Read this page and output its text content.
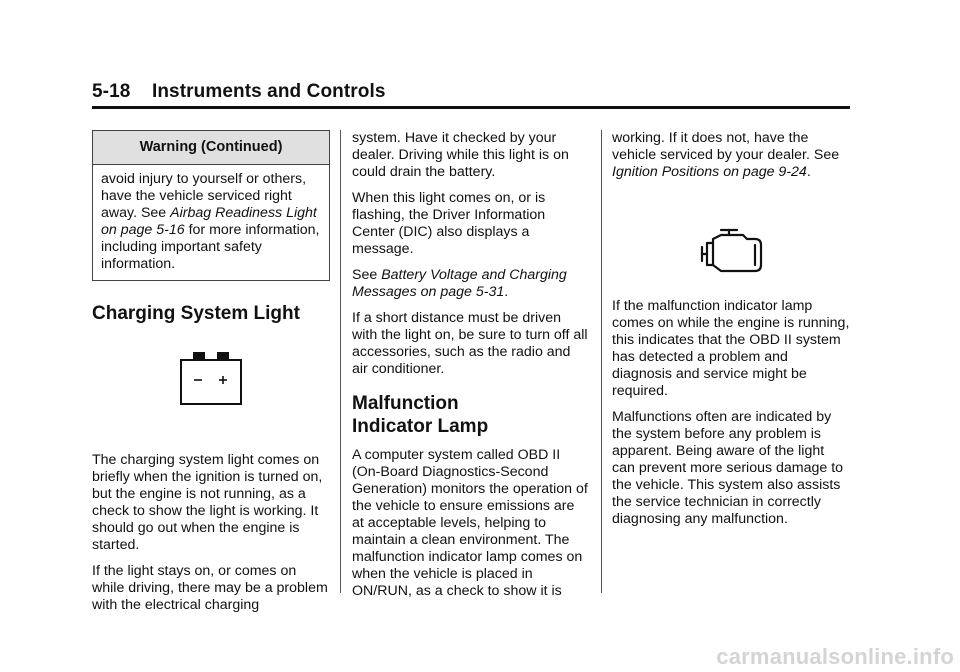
5-18 Instruments and Controls
Warning (Continued)
avoid injury to yourself or others, have the vehicle serviced right away. See Airbag Readiness Light on page 5-16 for more information, including important safety information.
Charging System Light

The charging system light comes on briefly when the ignition is turned on, but the engine is not running, as a check to show the light is working. It should go out when the engine is started.

If the light stays on, or comes on while driving, there may be a problem with the electrical charging

system. Have it checked by your dealer. Driving while this light is on could drain the battery.

When this light comes on, or is flashing, the Driver Information Center (DIC) also displays a message.

See Battery Voltage and Charging Messages on page 5-31.

If a short distance must be driven with the light on, be sure to turn off all accessories, such as the radio and air conditioner.

Malfunction
Indicator Lamp

A computer system called OBD II (On-Board Diagnostics-Second Generation) monitors the operation of the vehicle to ensure emissions are at acceptable levels, helping to maintain a clean environment. The malfunction indicator lamp comes on when the vehicle is placed in ON/RUN, as a check to show it is

working. If it does not, have the vehicle serviced by your dealer. See Ignition Positions on page 9-24.

If the malfunction indicator lamp comes on while the engine is running, this indicates that the OBD II system has detected a problem and diagnosis and service might be required.

Malfunctions often are indicated by the system before any problem is apparent. Being aware of the light can prevent more serious damage to the vehicle. This system also assists the service technician in correctly diagnosing any malfunction.

carmanualsonline.info
